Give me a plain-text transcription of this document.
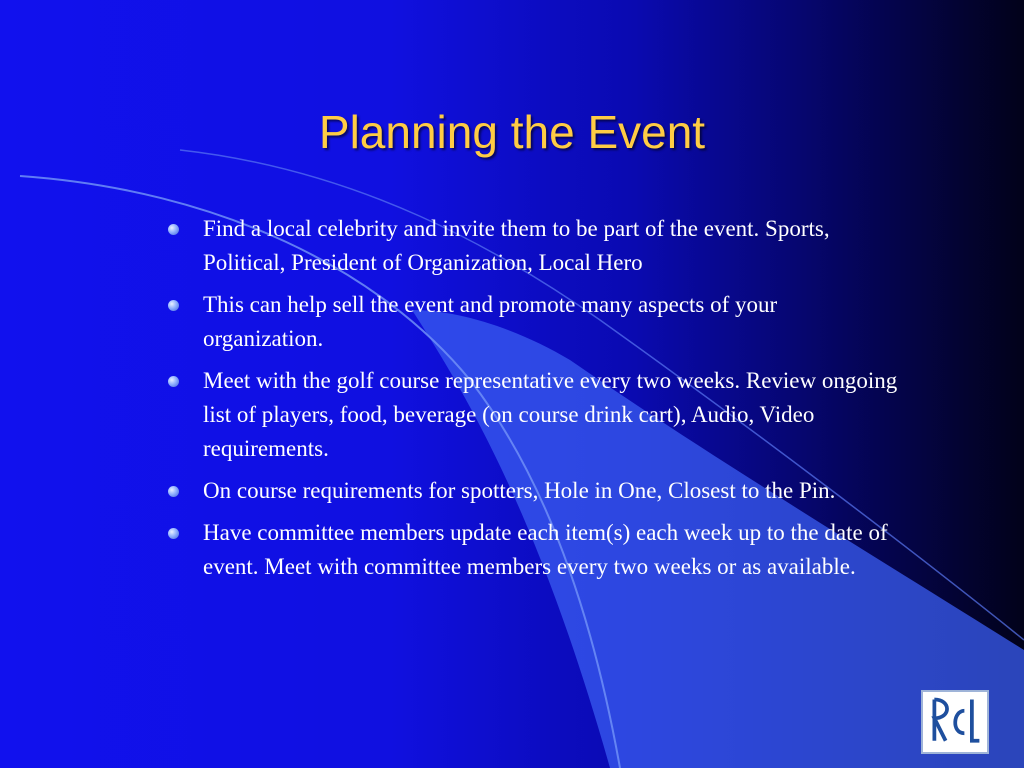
Planning the Event
Find a local celebrity and invite them to be part of the event. Sports, Political, President of Organization, Local Hero
This can help sell the event and promote many aspects of your organization.
Meet with the golf course representative every two weeks. Review ongoing list of players, food, beverage (on course drink cart), Audio, Video requirements.
On course requirements for spotters, Hole in One, Closest to the Pin.
Have committee members update each item(s) each week up to the date of event. Meet with committee members every two weeks or as available.
